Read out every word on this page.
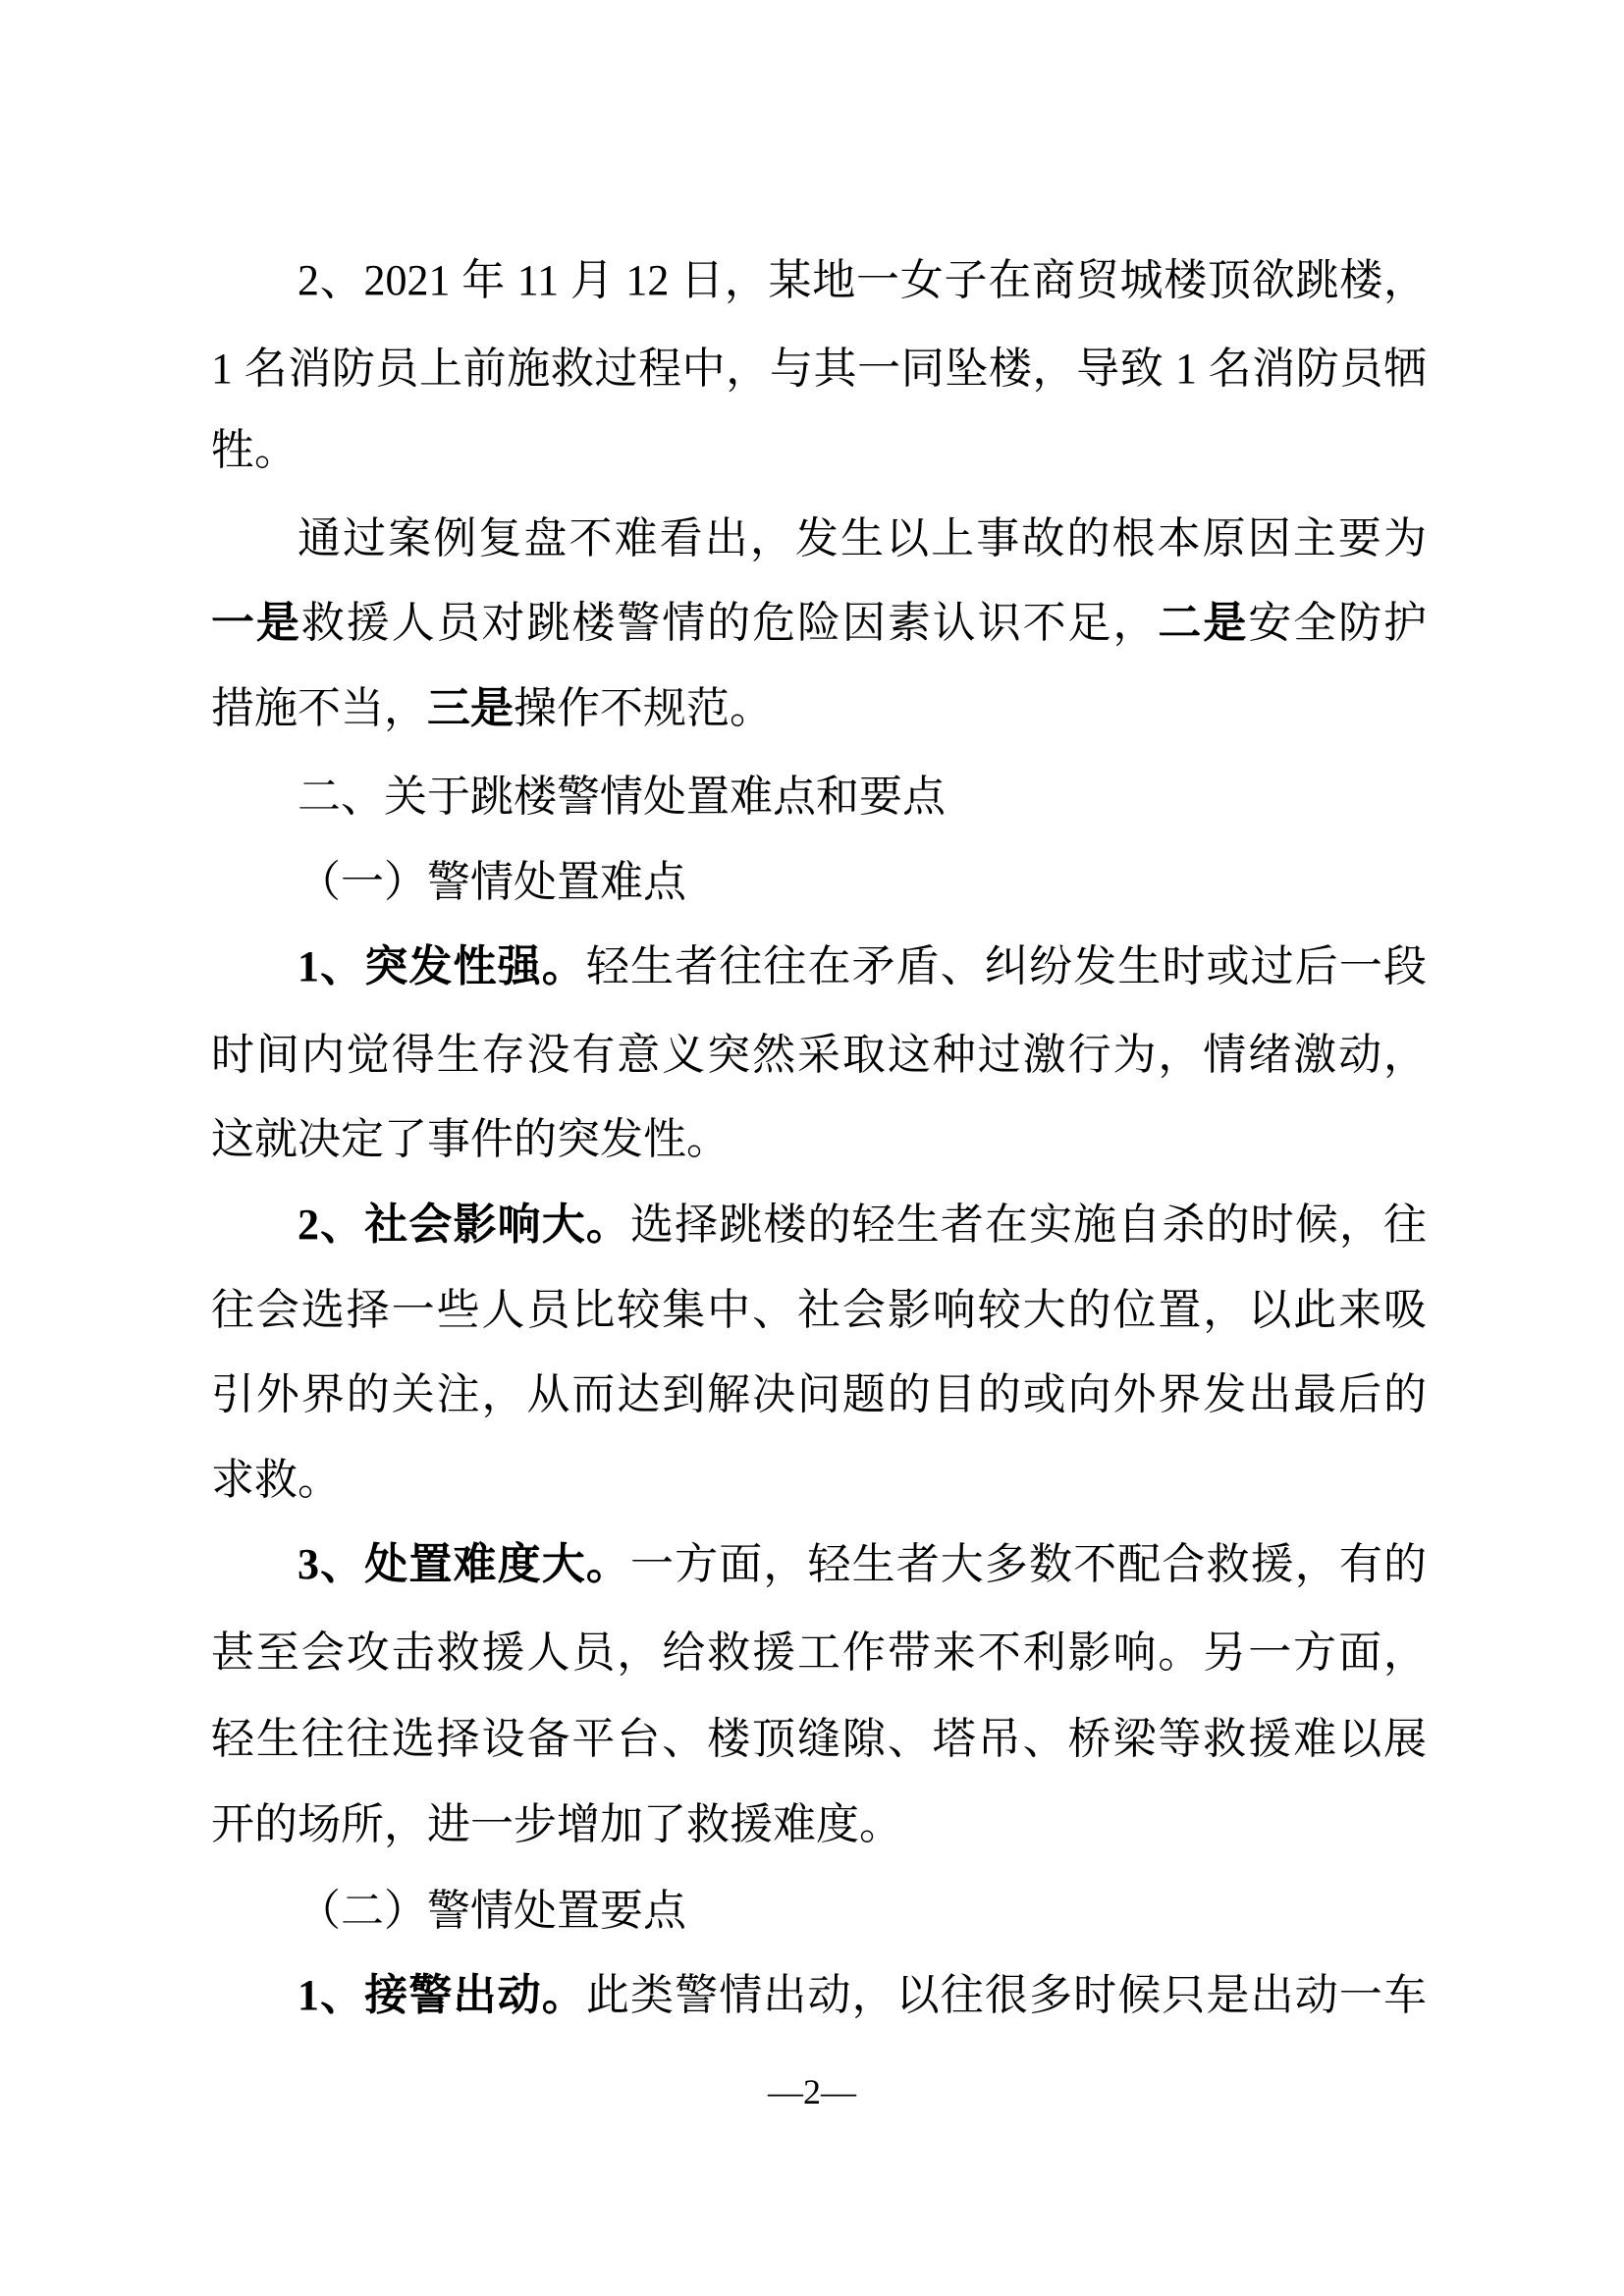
2、2021 年 11 月 12 日，某地一女子在商贸城楼顶欲跳楼，
1 名消防员上前施救过程中，与其一同坠楼，导致 1 名消防员牺
牲。
通过案例复盘不难看出，发生以上事故的根本原因主要为
一是救援人员对跳楼警情的危险因素认识不足，二是安全防护
措施不当，三是操作不规范。
二、关于跳楼警情处置难点和要点
（一）警情处置难点
1、突发性强。轻生者往往在矛盾、纠纷发生时或过后一段
时间内觉得生存没有意义突然采取这种过激行为，情绪激动，
这就决定了事件的突发性。
2、社会影响大。选择跳楼的轻生者在实施自杀的时候，往
往会选择一些人员比较集中、社会影响较大的位置，以此来吸
引外界的关注，从而达到解决问题的目的或向外界发出最后的
求救。
3、处置难度大。一方面，轻生者大多数不配合救援，有的
甚至会攻击救援人员，给救援工作带来不利影响。另一方面，
轻生往往选择设备平台、楼顶缝隙、塔吊、桥梁等救援难以展
开的场所，进一步增加了救援难度。
（二）警情处置要点
1、接警出动。此类警情出动，以往很多时候只是出动一车
—2—
